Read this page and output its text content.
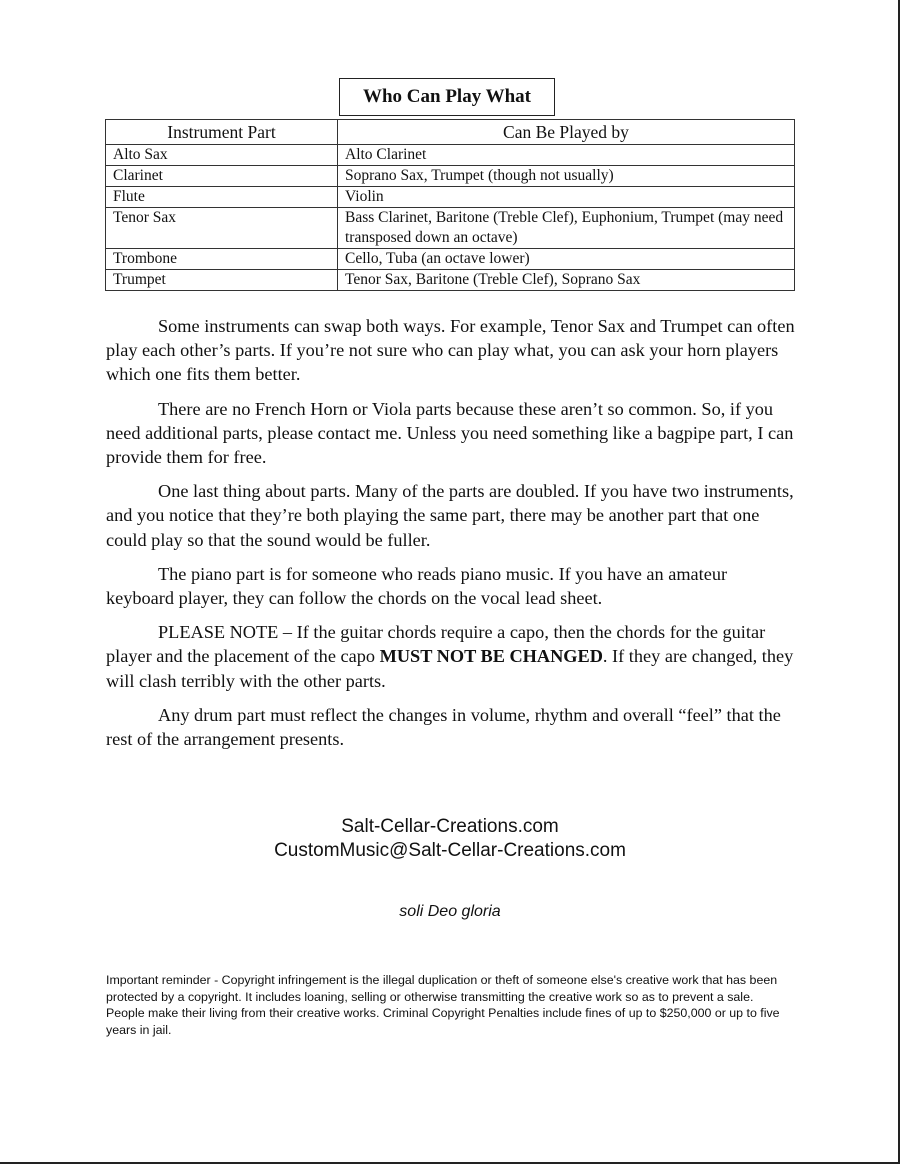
Who Can Play What
Instrument Part	Can Be Played by
Alto Sax	Alto Clarinet
Clarinet	Soprano Sax, Trumpet (though not usually)
Flute	Violin
Tenor Sax	Bass Clarinet, Baritone (Treble Clef), Euphonium, Trumpet (may need transposed down an octave)
Trombone	Cello, Tuba (an octave lower)
Trumpet	Tenor Sax, Baritone (Treble Clef), Soprano Sax

Some instruments can swap both ways. For example, Tenor Sax and Trumpet can often play each other’s parts. If you’re not sure who can play what, you can ask your horn players which one fits them better.

There are no French Horn or Viola parts because these aren’t so common. So, if you need additional parts, please contact me. Unless you need something like a bagpipe part, I can provide them for free.

One last thing about parts. Many of the parts are doubled. If you have two instruments, and you notice that they’re both playing the same part, there may be another part that one could play so that the sound would be fuller.

The piano part is for someone who reads piano music. If you have an amateur keyboard player, they can follow the chords on the vocal lead sheet.

PLEASE NOTE – If the guitar chords require a capo, then the chords for the guitar player and the placement of the capo MUST NOT BE CHANGED. If they are changed, they will clash terribly with the other parts.

Any drum part must reflect the changes in volume, rhythm and overall “feel” that the rest of the arrangement presents.

Salt-Cellar-Creations.com
CustomMusic@Salt-Cellar-Creations.com
soli Deo gloria
Important reminder - Copyright infringement is the illegal duplication or theft of someone else's creative work that has been protected by a copyright. It includes loaning, selling or otherwise transmitting the creative work so as to prevent a sale. People make their living from their creative works. Criminal Copyright Penalties include fines of up to $250,000 or up to five years in jail.
